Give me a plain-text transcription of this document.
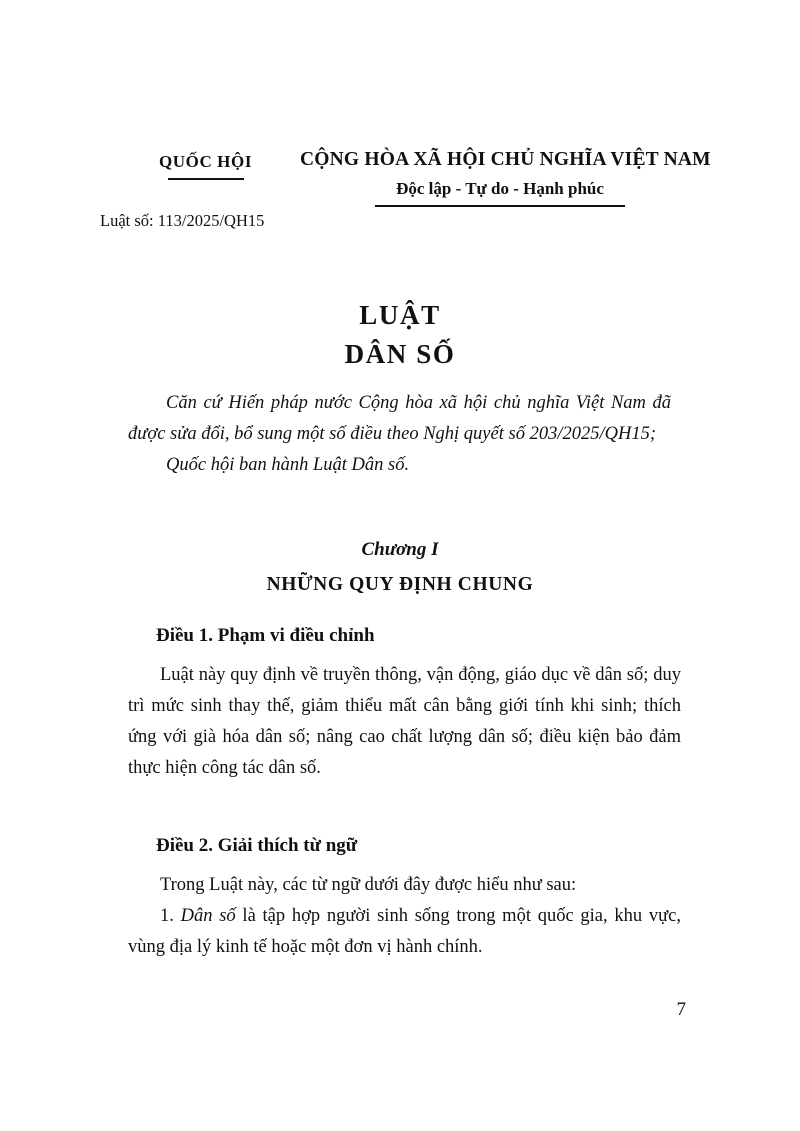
QUỐC HỘI	CỘNG HÒA XÃ HỘI CHỦ NGHĨA VIỆT NAM
Độc lập - Tự do - Hạnh phúc
Luật số: 113/2025/QH15
LUẬT
DÂN SỐ

Căn cứ Hiến pháp nước Cộng hòa xã hội chủ nghĩa Việt Nam đã được sửa đổi, bổ sung một số điều theo Nghị quyết số 203/2025/QH15;

Quốc hội ban hành Luật Dân số.

Chương I
NHỮNG QUY ĐỊNH CHUNG
Điều 1. Phạm vi điều chỉnh

Luật này quy định về truyền thông, vận động, giáo dục về dân số; duy trì mức sinh thay thế, giảm thiểu mất cân bằng giới tính khi sinh; thích ứng với già hóa dân số; nâng cao chất lượng dân số; điều kiện bảo đảm thực hiện công tác dân số.

Điều 2. Giải thích từ ngữ

Trong Luật này, các từ ngữ dưới đây được hiểu như sau:

1. Dân số là tập hợp người sinh sống trong một quốc gia, khu vực, vùng địa lý kinh tế hoặc một đơn vị hành chính.

7
